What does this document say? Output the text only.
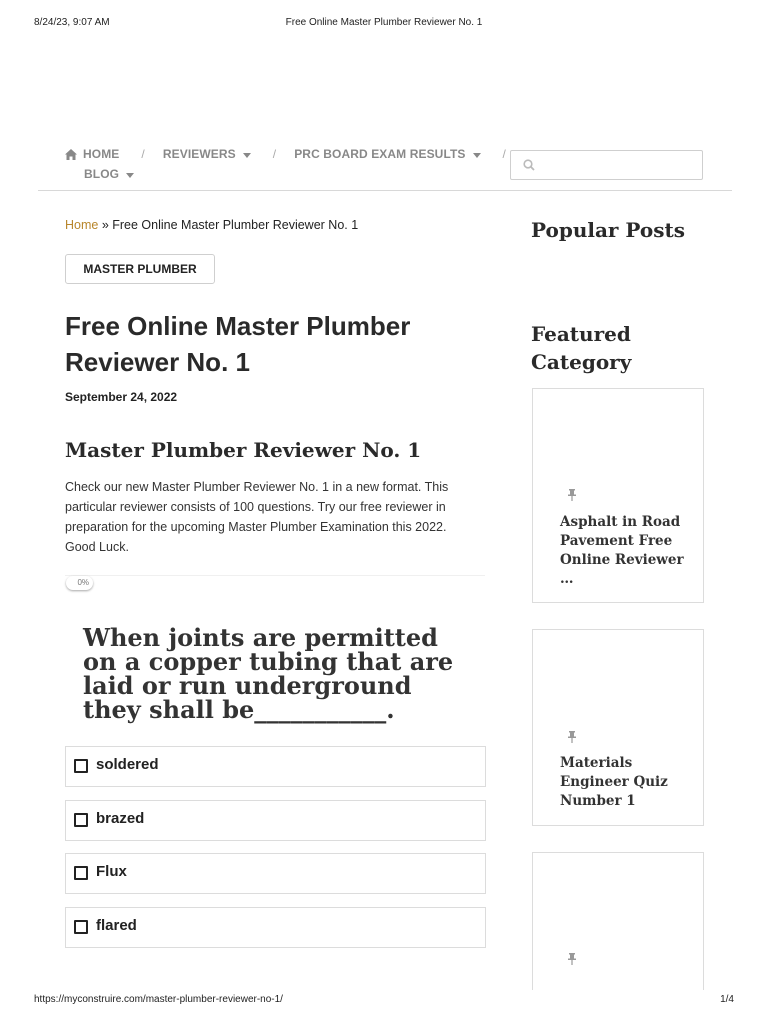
8/24/23, 9:07 AM	Free Online Master Plumber Reviewer No. 1
HOME / REVIEWERS	/ PRC BOARD EXAM RESULTS	/
BLOG
Home » Free Online Master Plumber Reviewer No. 1
MASTER PLUMBER
Free Online Master Plumber Reviewer No. 1
September 24, 2022
Master Plumber Reviewer No. 1

Check our new Master Plumber Reviewer No. 1 in a new format. This particular reviewer consists of 100 questions. Try our free reviewer in preparation for the upcoming Master Plumber Examination this 2022. Good Luck.

0%
When joints are permitted on a copper tubing that are laid or run underground they shall be___________.
soldered
brazed
Flux
flared
Popular Posts
Featured Category
Asphalt in Road Pavement Free Online Reviewer …
Materials Engineer Quiz Number 1
https://myconstruire.com/master-plumber-reviewer-no-1/	1/4
